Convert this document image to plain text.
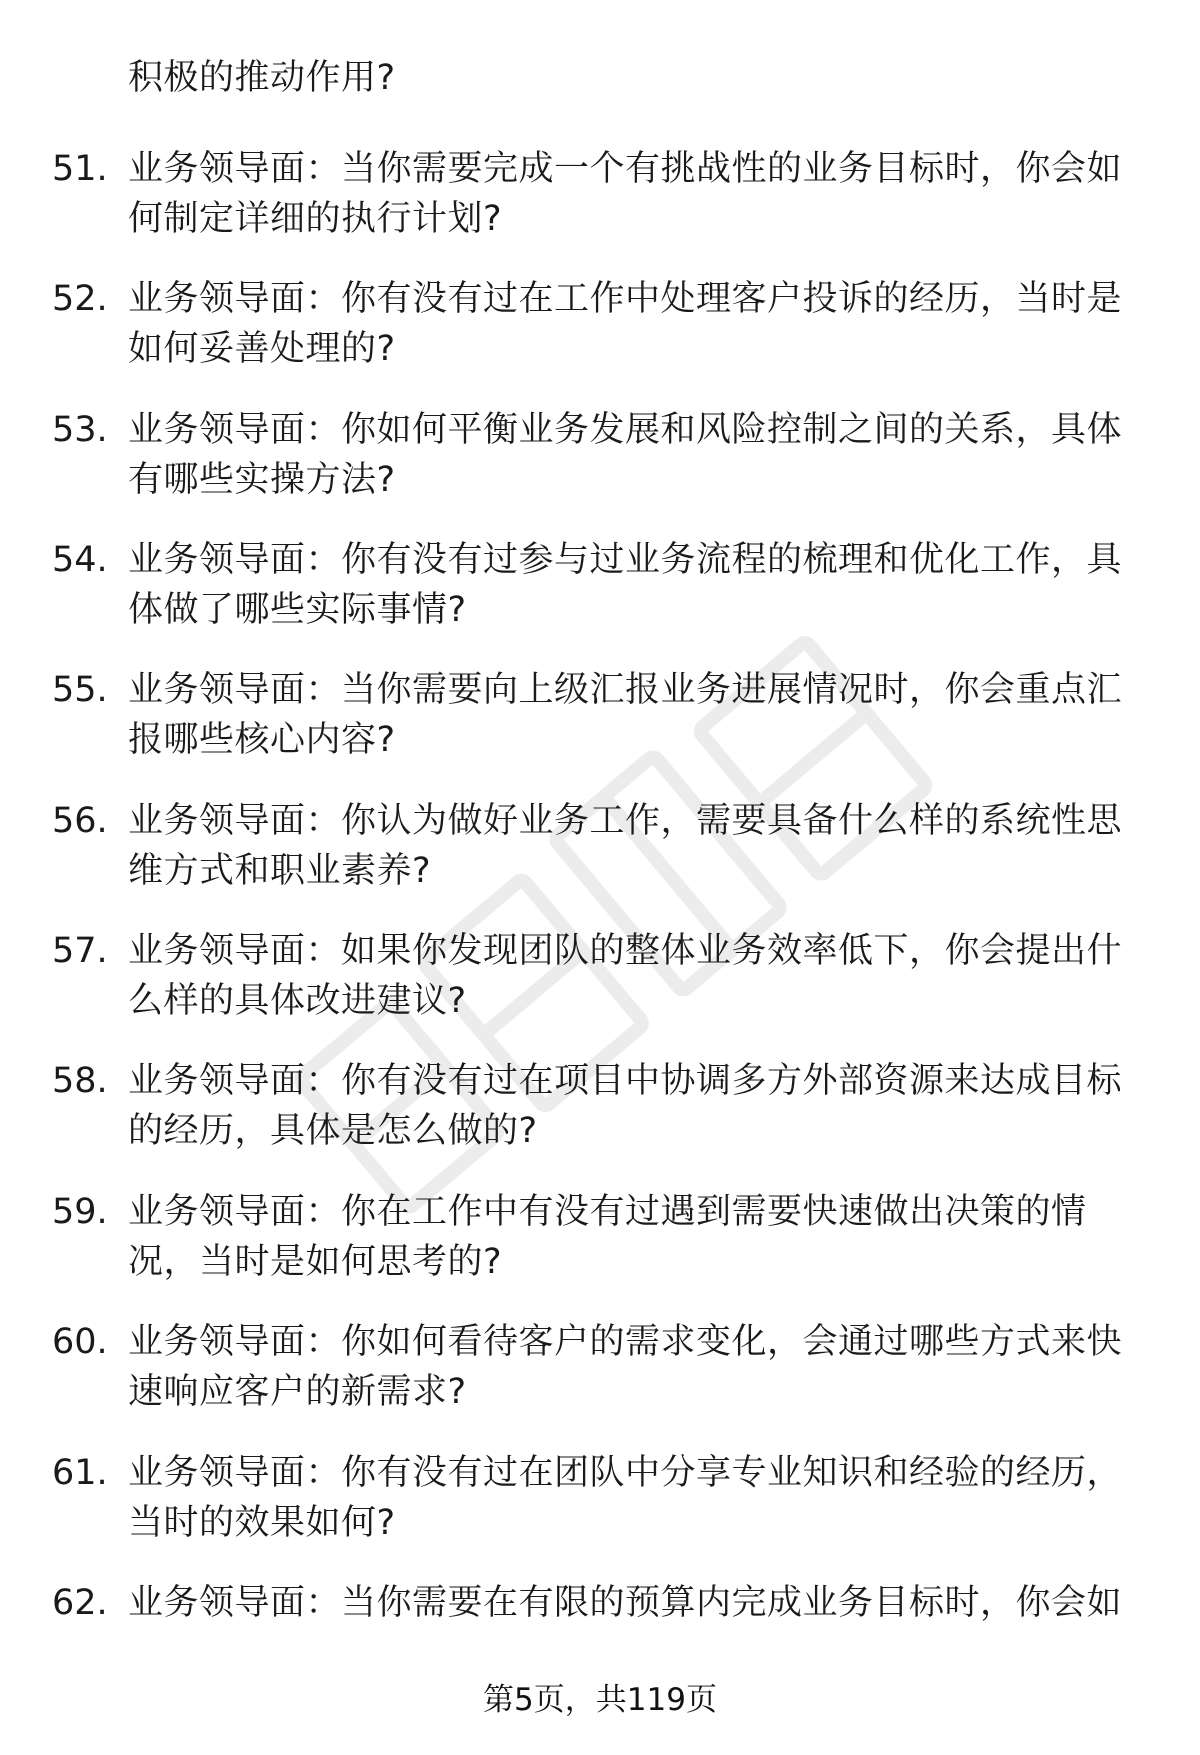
积极的推动作用?
51. 业务领导面：当你需要完成一个有挑战性的业务目标时，你会如
何制定详细的执行计划?
52. 业务领导面：你有没有过在工作中处理客户投诉的经历，当时是
如何妥善处理的?
53. 业务领导面：你如何平衡业务发展和风险控制之间的关系，具体
有哪些实操方法?
54. 业务领导面：你有没有过参与过业务流程的梳理和优化工作，具
体做了哪些实际事情?
55. 业务领导面：当你需要向上级汇报业务进展情况时，你会重点汇
报哪些核心内容?
56. 业务领导面：你认为做好业务工作，需要具备什么样的系统性思
维方式和职业素养?
57. 业务领导面：如果你发现团队的整体业务效率低下，你会提出什
么样的具体改进建议?
58. 业务领导面：你有没有过在项目中协调多方外部资源来达成目标
的经历，具体是怎么做的?
59. 业务领导面：你在工作中有没有过遇到需要快速做出决策的情
况，当时是如何思考的?
60. 业务领导面：你如何看待客户的需求变化，会通过哪些方式来快
速响应客户的新需求?
61. 业务领导面：你有没有过在团队中分享专业知识和经验的经历，
当时的效果如何?
62. 业务领导面：当你需要在有限的预算内完成业务目标时，你会如
第5页，共119页
